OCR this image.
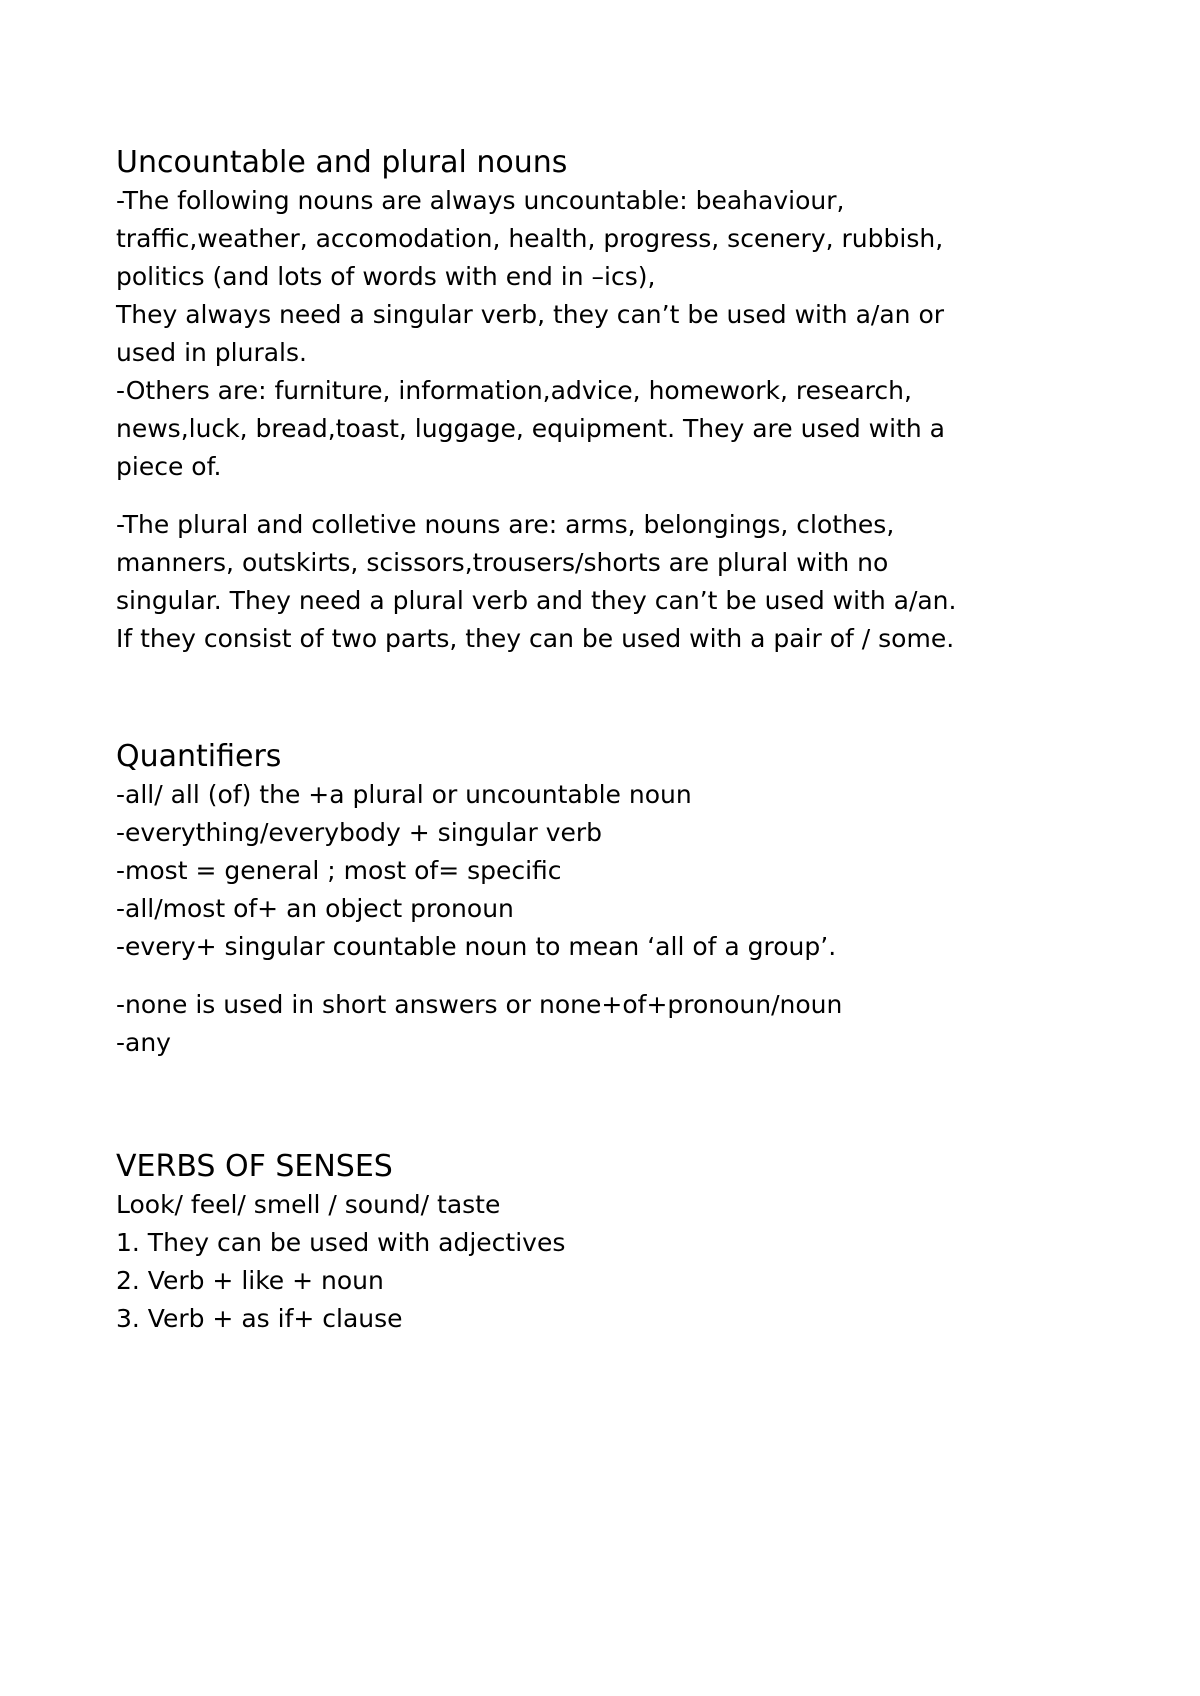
Uncountable and plural nouns

-The following nouns are always uncountable: beahaviour,

traffic,weather, accomodation, health, progress, scenery, rubbish,

politics (and lots of words with end in –ics),

They always need a singular verb, they can’t be used with a/an or

used in plurals.

-Others are: furniture, information,advice, homework, research,

news,luck, bread,toast, luggage, equipment. They are used with a

piece of.

-The plural and colletive nouns are: arms, belongings, clothes,

manners, outskirts, scissors,trousers/shorts are plural with no

singular. They need a plural verb and they can’t be used with a/an.

If they consist of two parts, they can be used with a pair of / some.

Quantifiers

-all/ all (of) the +a plural or uncountable noun

-everything/everybody + singular verb

-most = general ; most of= specific

-all/most of+ an object pronoun

-every+ singular countable noun to mean ‘all of a group’.

-none is used in short answers or none+of+pronoun/noun

-any

VERBS OF SENSES

Look/ feel/ smell / sound/ taste

1. They can be used with adjectives

2. Verb + like + noun

3. Verb + as if+ clause
